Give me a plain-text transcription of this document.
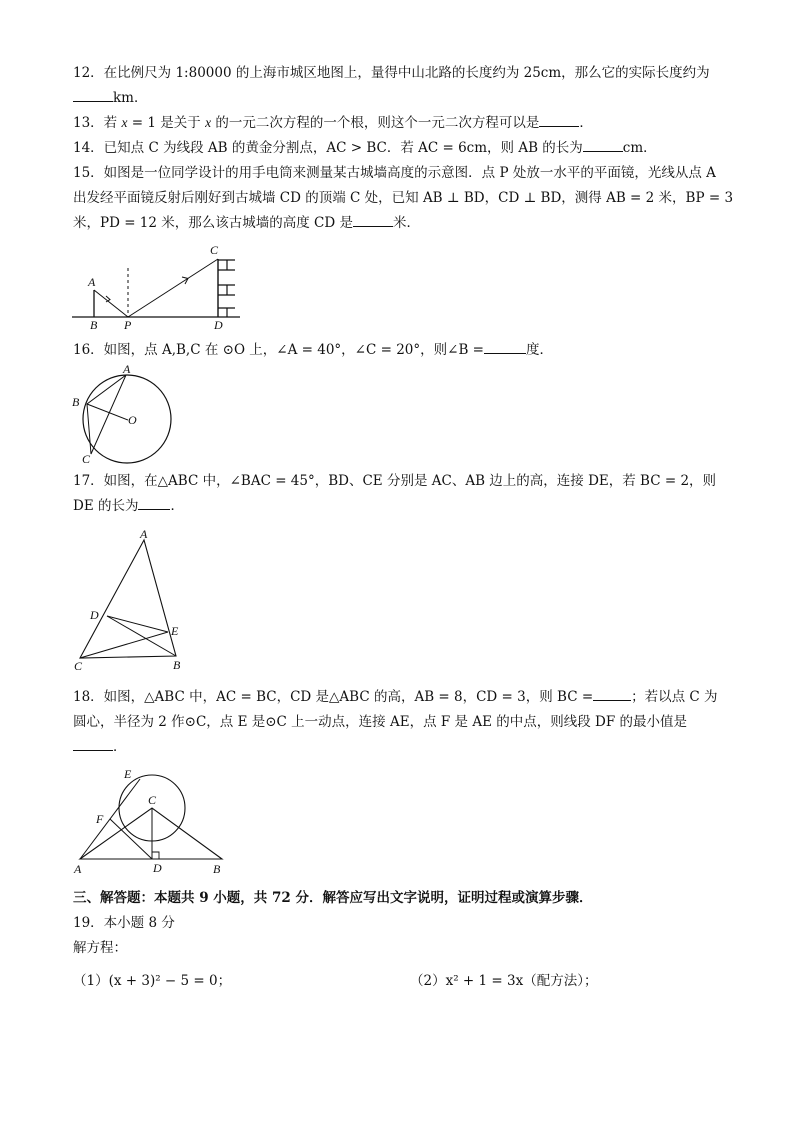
12．在比例尺为 1:80000 的上海市城区地图上，量得中山北路的长度约为 25cm，那么它的实际长度约为
km．
13．若 x = 1 是关于 x 的一元二次方程的一个根，则这个一元二次方程可以是	．
14．已知点 C 为线段 AB 的黄金分割点，AC > BC．若 AC = 6cm，则 AB 的长为	cm．
15．如图是一位同学设计的用手电筒来测量某古城墙高度的示意图．点 P 处放一水平的平面镜，光线从点 A
出发经平面镜反射后刚好到古城墙 CD 的顶端 C 处，已知 AB ⊥ BD，CD ⊥ BD，测得 AB = 2 米，BP = 3
米，PD = 12 米，那么该古城墙的高度 CD 是	米．
A
B P
C
D
16．如图，点 A,B,C 在 ⊙O 上，∠A = 40°，∠C = 20°，则∠B =	度．
A
B
C
O
17．如图，在△ABC 中，∠BAC = 45°，BD、CE 分别是 AC、AB 边上的高，连接 DE，若 BC = 2，则
DE 的长为 ．
A
D
E
C	B
18．如图，△ABC 中，AC = BC，CD 是△ABC 的高，AB = 8，CD = 3，则 BC =	；若以点 C 为
圆心，半径为 2 作⊙C，点 E 是⊙C 上一动点，连接 AE，点 F 是 AE 的中点，则线段 DF 的最小值是
．
E
C
F
A	D	B
三、解答题：本题共 9 小题，共 72 分．解答应写出文字说明，证明过程或演算步骤．
19．本小题 8 分
解方程：
（1）(x + 3)² − 5 = 0；	（2）x² + 1 = 3x（配方法）；
